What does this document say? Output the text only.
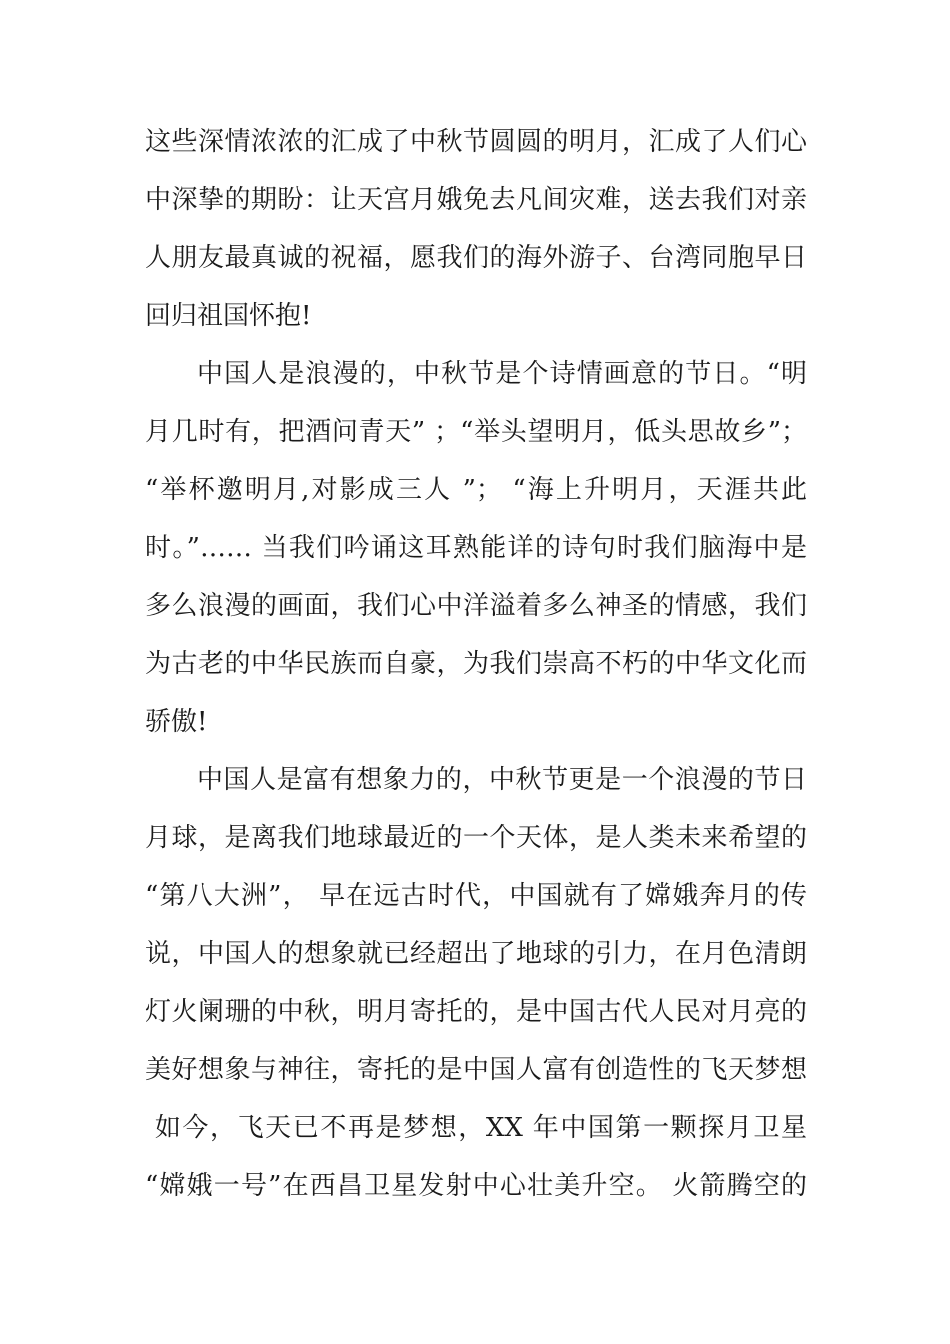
这些深情浓浓的汇成了中秋节圆圆的明月，汇成了人们心
中深挚的期盼：让天宫月娥免去凡间灾难，送去我们对亲
人朋友最真诚的祝福，愿我们的海外游子、台湾同胞早日
回归祖国怀抱!
中国人是浪漫的，中秋节是个诗情画意的节日。“明
月几时有，把酒问青天” ；“举头望明月，低头思故乡”；
“举杯邀明月,对影成三人 ”； “海上升明月，天涯共此
时。”…… 当我们吟诵这耳熟能详的诗句时我们脑海中是
多么浪漫的画面，我们心中洋溢着多么神圣的情感，我们
为古老的中华民族而自豪，为我们崇高不朽的中华文化而
骄傲!
中国人是富有想象力的，中秋节更是一个浪漫的节日
月球，是离我们地球最近的一个天体，是人类未来希望的
“第八大洲”， 早在远古时代，中国就有了嫦娥奔月的传
说，中国人的想象就已经超出了地球的引力，在月色清朗
灯火阑珊的中秋，明月寄托的，是中国古代人民对月亮的
美好想象与神往，寄托的是中国人富有创造性的飞天梦想
如今，飞天已不再是梦想，XX 年中国第一颗探月卫星
“嫦娥一号”在西昌卫星发射中心壮美升空。 火箭腾空的
